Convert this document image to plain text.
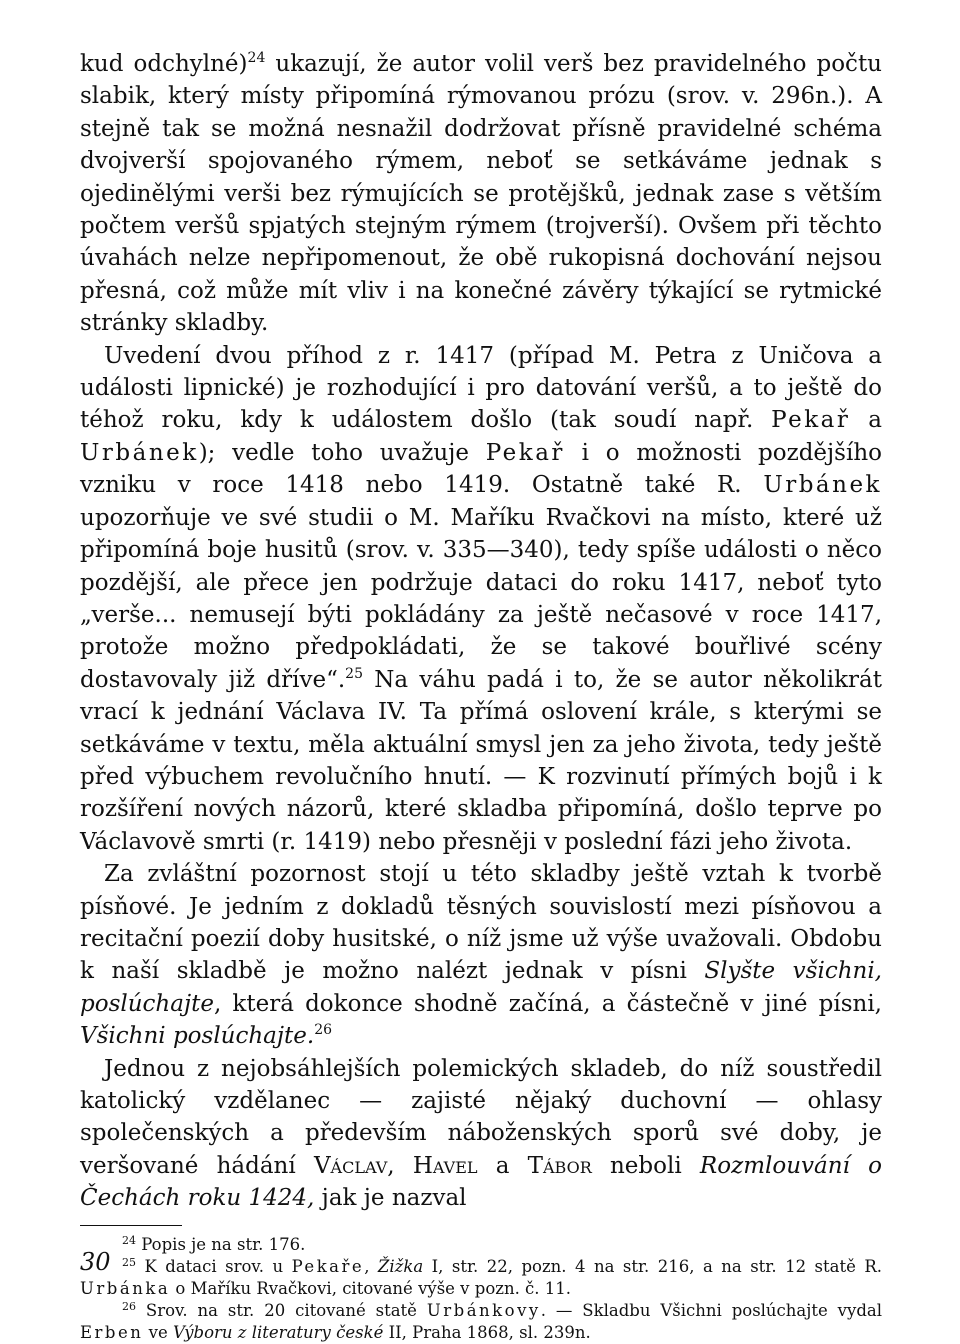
kud odchylné)$^{24}$ ukazují, že autor volil verš bez pravidelného počtu slabik, který místy připomíná rýmovanou prózu (srov. v. 296n.). A stejně tak se možná nesnažil dodržovat přísně pravidelné schéma dvojverší spojovaného rýmem, neboť se setkáváme jednak s ojedinělými verši bez rýmujících se protějšků, jednak zase s větším počtem veršů spjatých stejným rýmem (trojverší). Ovšem při těchto úvahách nelze nepřipomenout, že obě rukopisná dochování nejsou přesná, což může mít vliv i na konečné závěry týkající se rytmické stránky skladby.

Uvedení dvou příhod z r. 1417 (případ M. Petra z Uničova a události lipnické) je rozhodující i pro datování veršů, a to ještě do téhož roku, kdy k událostem došlo (tak soudí např. Pekař a Urbánek); vedle toho uvažuje Pekař i o možnosti pozdějšího vzniku v roce 1418 nebo 1419. Ostatně také R. Urbánek upozorňuje ve své studii o M. Maříku Rvačkovi na místo, které už připomíná boje husitů (srov. v. 335—340), tedy spíše události o něco pozdější, ale přece jen podržuje dataci do roku 1417, neboť tyto „verše... nemusejí býti pokládány za ještě nečasové v roce 1417, protože možno předpokládati, že se takové bouřlivé scény dostavovaly již dříve“.$^{25}$ Na váhu padá i to, že se autor několikrát vrací k jednání Václava IV. Ta přímá oslovení krále, s kterými se setkáváme v textu, měla aktuální smysl jen za jeho života, tedy ještě před výbuchem revolučního hnutí. — K rozvinutí přímých bojů i k rozšíření nových názorů, které skladba připomíná, došlo teprve po Václavově smrti (r. 1419) nebo přesněji v poslední fázi jeho života.

Za zvláštní pozornost stojí u této skladby ještě vztah k tvorbě písňové. Je jedním z dokladů těsných souvislostí mezi písňovou a recitační poezií doby husitské, o níž jsme už výše uvažovali. Obdobu k naší skladbě je možno nalézt jednak v písni Slyšte všichni, poslúchajte, která dokonce shodně začíná, a částečně v jiné písni, Všichni poslúchajte.$^{26}$

Jednou z nejobsáhlejších polemických skladeb, do níž soustředil katolický vzdělanec — zajisté nějaký duchovní — ohlasy společenských a především náboženských sporů své doby, je veršované hádání Václav, Havel a Tábor neboli Rozmlouvání o Čechách roku 1424, jak je nazval

$^{24}$ Popis je na str. 176.

$^{25}$ K dataci srov. u Pekaře, Žižka I, str. 22, pozn. 4 na str. 216, a na str. 12 statě R. Urbánka o Maříku Rvačkovi, citované výše v pozn. č. 11.

$^{26}$ Srov. na str. 20 citované statě Urbánkovy. — Skladbu Všichni poslúchajte vydal Erben ve Výboru z literatury české II, Praha 1868, sl. 239n.

30
